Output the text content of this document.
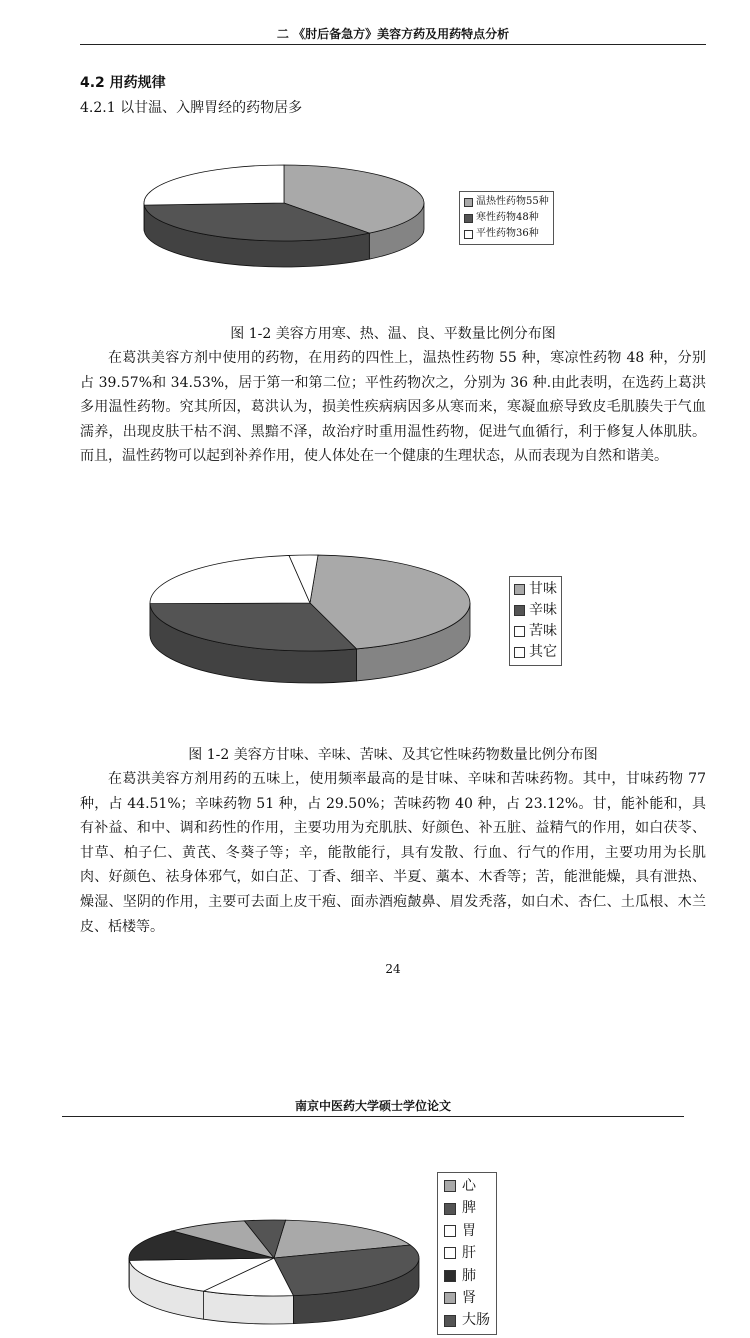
二 《肘后备急方》美容方药及用药特点分析
4.2 用药规律
4.2.1 以甘温、入脾胃经的药物居多
温热性药物55种
寒性药物48种
平性药物36种
图 1-2 美容方用寒、热、温、良、平数量比例分布图

在葛洪美容方剂中使用的药物，在用药的四性上，温热性药物 55 种，寒凉性药物 48 种，分别占 39.57%和 34.53%，居于第一和第二位；平性药物次之，分别为 36 种.由此表明，在选药上葛洪多用温性药物。究其所因，葛洪认为，损美性疾病病因多从寒而来，寒凝血瘀导致皮毛肌腠失于气血濡养，出现皮肤干枯不润、黑黯不泽，故治疗时重用温性药物，促进气血循行，利于修复人体肌肤。而且，温性药物可以起到补养作用，使人体处在一个健康的生理状态，从而表现为自然和谐美。

甘味
辛味
苦味
其它
图 1-2 美容方甘味、辛味、苦味、及其它性味药物数量比例分布图

在葛洪美容方剂用药的五味上，使用频率最高的是甘味、辛味和苦味药物。其中，甘味药物 77 种，占 44.51%；辛味药物 51 种，占 29.50%；苦味药物 40 种，占 23.12%。甘，能补能和，具有补益、和中、调和药性的作用，主要功用为充肌肤、好颜色、补五脏、益精气的作用，如白茯苓、甘草、柏子仁、黄芪、冬葵子等；辛，能散能行，具有发散、行血、行气的作用，主要功用为长肌肉、好颜色、祛身体邪气，如白芷、丁香、细辛、半夏、藁本、木香等；苦，能泄能燥，具有泄热、燥湿、坚阴的作用，主要可去面上皮干疱、面赤酒疱皶鼻、眉发秃落，如白术、杏仁、土瓜根、木兰皮、栝楼等。

24
南京中医药大学硕士学位论文
心
脾
胃
肝
肺
肾
大肠
